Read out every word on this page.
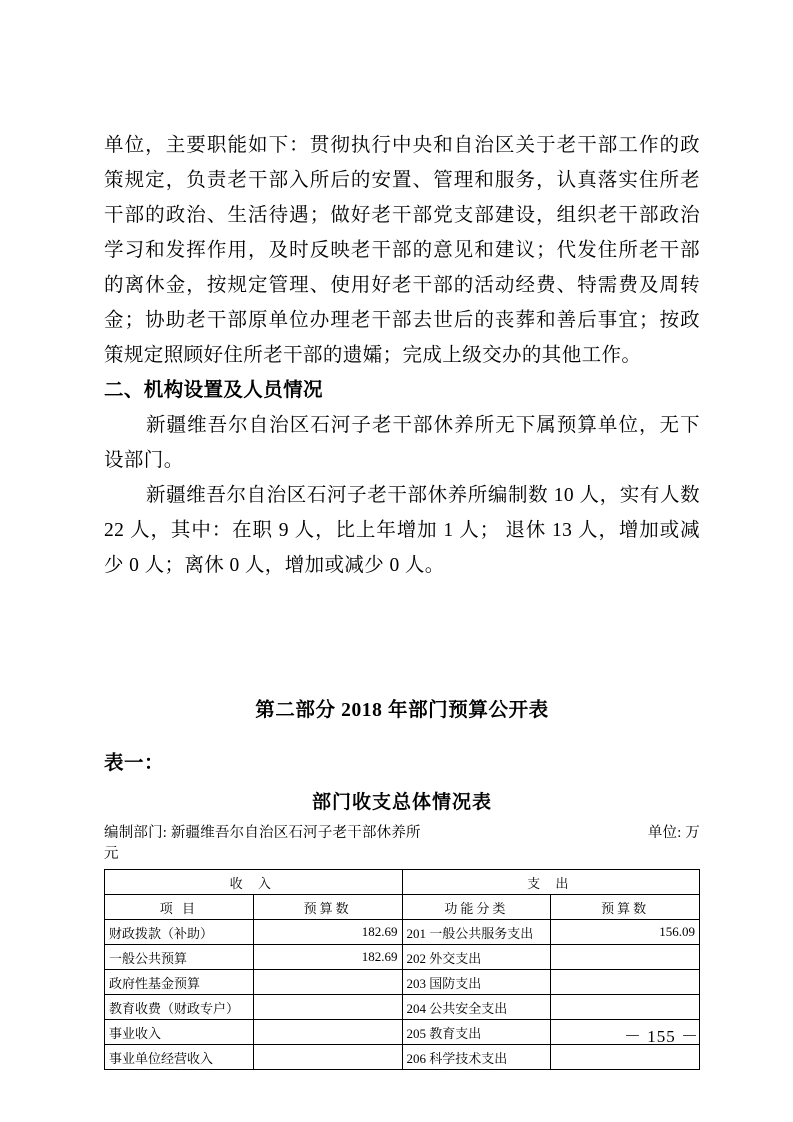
单位，主要职能如下：贯彻执行中央和自治区关于老干部工作的政策规定，负责老干部入所后的安置、管理和服务，认真落实住所老干部的政治、生活待遇；做好老干部党支部建设，组织老干部政治学习和发挥作用，及时反映老干部的意见和建议；代发住所老干部的离休金，按规定管理、使用好老干部的活动经费、特需费及周转金；协助老干部原单位办理老干部去世后的丧葬和善后事宜；按政策规定照顾好住所老干部的遗孀；完成上级交办的其他工作。

二、机构设置及人员情况

新疆维吾尔自治区石河子老干部休养所无下属预算单位，无下设部门。

新疆维吾尔自治区石河子老干部休养所编制数 10 人，实有人数 22 人，其中：在职 9 人，比上年增加 1 人； 退休 13 人，增加或减少 0 人；离休 0 人，增加或减少 0 人。

第二部分 2018 年部门预算公开表

表一：

部门收支总体情况表

编制部门: 新疆维吾尔自治区石河子老干部休养所	单位: 万
元
收 入		支 出	
项 目	预算数	功能分类	预算数
财政拨款（补助）	182.69	201 一般公共服务支出	156.09
一般公共预算	182.69	202 外交支出	
政府性基金预算		203 国防支出	
教育收费（财政专户）		204 公共安全支出	
事业收入		205 教育支出	
事业单位经营收入		206 科学技术支出	
－ 155 －
